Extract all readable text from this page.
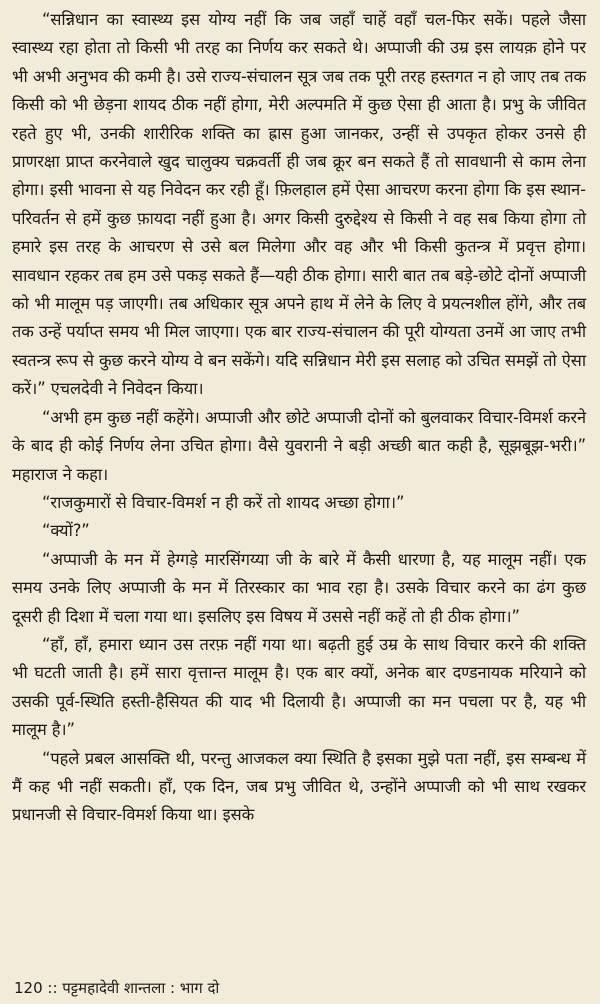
“सन्निधान का स्वास्थ्य इस योग्य नहीं कि जब जहाँ चाहें वहाँ चल-फिर सकें। पहले जैसा स्वास्थ्य रहा होता तो किसी भी तरह का निर्णय कर सकते थे। अप्पाजी की उम्र इस लायक़ होने पर भी अभी अनुभव की कमी है। उसे राज्य-संचालन सूत्र जब तक पूरी तरह हस्तगत न हो जाए तब तक किसी को भी छेड़ना शायद ठीक नहीं होगा, मेरी अल्पमति में कुछ ऐसा ही आता है। प्रभु के जीवित रहते हुए भी, उनकी शारीरिक शक्ति का ह्रास हुआ जानकर, उन्हीं से उपकृत होकर उनसे ही प्राणरक्षा प्राप्त करनेवाले खुद चालुक्य चक्रवर्ती ही जब क्रूर बन सकते हैं तो सावधानी से काम लेना होगा। इसी भावना से यह निवेदन कर रही हूँ। फ़िलहाल हमें ऐसा आचरण करना होगा कि इस स्थान-परिवर्तन से हमें कुछ फ़ायदा नहीं हुआ है। अगर किसी दुरुद्देश्य से किसी ने वह सब किया होगा तो हमारे इस तरह के आचरण से उसे बल मिलेगा और वह और भी किसी कुतन्त्र में प्रवृत्त होगा। सावधान रहकर तब हम उसे पकड़ सकते हैं—यही ठीक होगा। सारी बात तब बड़े-छोटे दोनों अप्पाजी को भी मालूम पड़ जाएगी। तब अधिकार सूत्र अपने हाथ में लेने के लिए वे प्रयत्नशील होंगे, और तब तक उन्हें पर्याप्त समय भी मिल जाएगा। एक बार राज्य-संचालन की पूरी योग्यता उनमें आ जाए तभी स्वतन्त्र रूप से कुछ करने योग्य वे बन सकेंगे। यदि सन्निधान मेरी इस सलाह को उचित समझें तो ऐसा करें।” एचलदेवी ने निवेदन किया।

“अभी हम कुछ नहीं कहेंगे। अप्पाजी और छोटे अप्पाजी दोनों को बुलवाकर विचार-विमर्श करने के बाद ही कोई निर्णय लेना उचित होगा। वैसे युवरानी ने बड़ी अच्छी बात कही है, सूझबूझ-भरी।” महाराज ने कहा।

“राजकुमारों से विचार-विमर्श न ही करें तो शायद अच्छा होगा।”

“क्यों?”

“अप्पाजी के मन में हेग्गड़े मारसिंगय्या जी के बारे में कैसी धारणा है, यह मालूम नहीं। एक समय उनके लिए अप्पाजी के मन में तिरस्कार का भाव रहा है। उसके विचार करने का ढंग कुछ दूसरी ही दिशा में चला गया था। इसलिए इस विषय में उससे नहीं कहें तो ही ठीक होगा।”

“हाँ, हाँ, हमारा ध्यान उस तरफ़ नहीं गया था। बढ़ती हुई उम्र के साथ विचार करने की शक्ति भी घटती जाती है। हमें सारा वृत्तान्त मालूम है। एक बार क्यों, अनेक बार दण्डनायक मरियाने को उसकी पूर्व-स्थिति हस्ती-हैसियत की याद भी दिलायी है। अप्पाजी का मन पचला पर है, यह भी मालूम है।”

“पहले प्रबल आसक्ति थी, परन्तु आजकल क्या स्थिति है इसका मुझे पता नहीं, इस सम्बन्ध में मैं कह भी नहीं सकती। हाँ, एक दिन, जब प्रभु जीवित थे, उन्होंने अप्पाजी को भी साथ रखकर प्रधानजी से विचार-विमर्श किया था। इसके

120 :: पट्टमहादेवी शान्तला : भाग दो
